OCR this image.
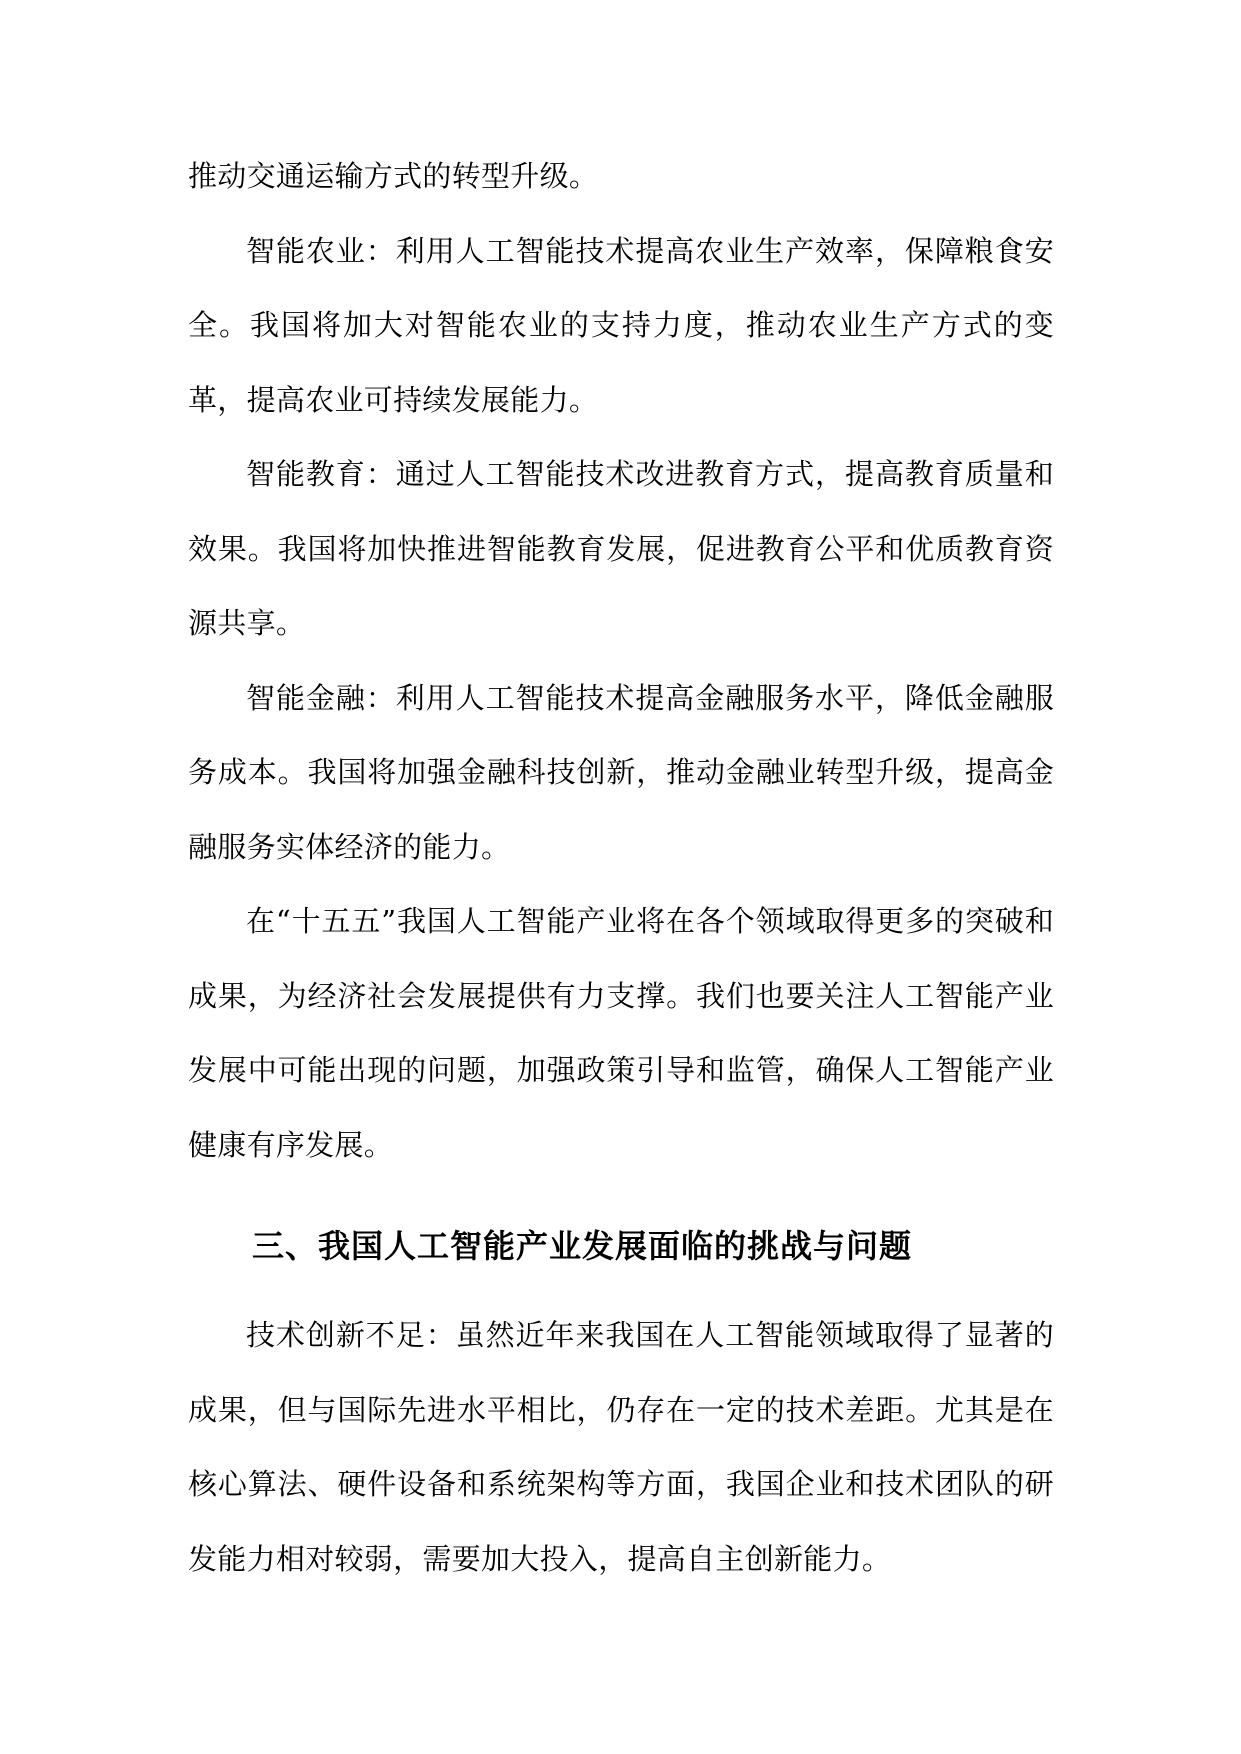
推动交通运输方式的转型升级。

智能农业：利用人工智能技术提高农业生产效率，保障粮食安全。我国将加大对智能农业的支持力度，推动农业生产方式的变革，提高农业可持续发展能力。

智能教育：通过人工智能技术改进教育方式，提高教育质量和效果。我国将加快推进智能教育发展，促进教育公平和优质教育资源共享。

智能金融：利用人工智能技术提高金融服务水平，降低金融服务成本。我国将加强金融科技创新，推动金融业转型升级，提高金融服务实体经济的能力。

在“十五五”我国人工智能产业将在各个领域取得更多的突破和成果，为经济社会发展提供有力支撑。我们也要关注人工智能产业发展中可能出现的问题，加强政策引导和监管，确保人工智能产业健康有序发展。

三、我国人工智能产业发展面临的挑战与问题

技术创新不足：虽然近年来我国在人工智能领域取得了显著的成果，但与国际先进水平相比，仍存在一定的技术差距。尤其是在核心算法、硬件设备和系统架构等方面，我国企业和技术团队的研发能力相对较弱，需要加大投入，提高自主创新能力。
